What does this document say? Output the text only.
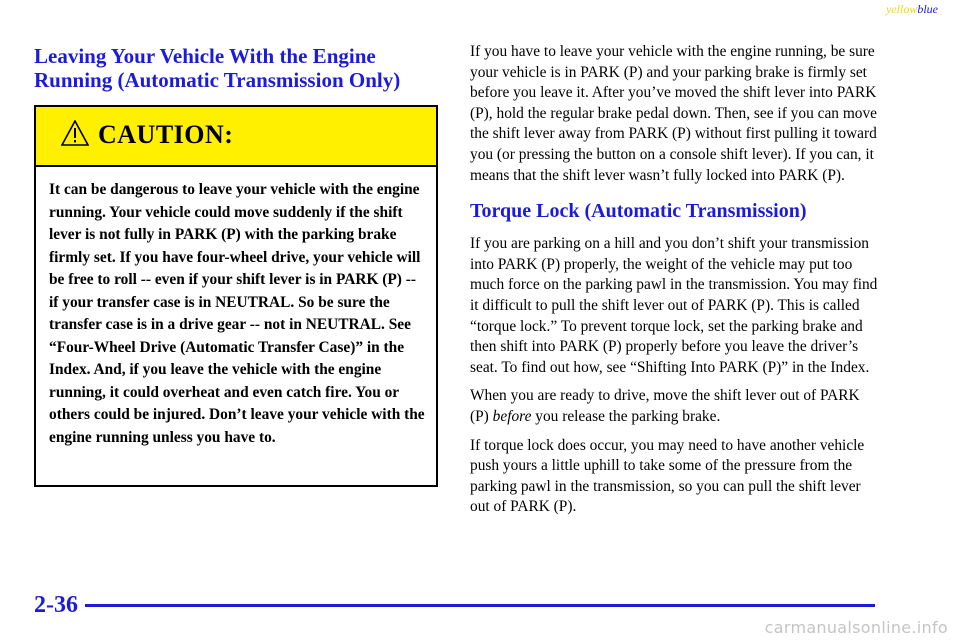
yellowblue
Leaving Your Vehicle With the Engine Running (Automatic Transmission Only)
CAUTION:
It can be dangerous to leave your vehicle with the engine running. Your vehicle could move suddenly if the shift lever is not fully in PARK (P) with the parking brake firmly set. If you have four-wheel drive, your vehicle will be free to roll -- even if your shift lever is in PARK (P) -- if your transfer case is in NEUTRAL. So be sure the transfer case is in a drive gear -- not in NEUTRAL. See “Four-Wheel Drive (Automatic Transfer Case)” in the Index. And, if you leave the vehicle with the engine running, it could overheat and even catch fire. You or others could be injured. Don’t leave your vehicle with the engine running unless you have to.

If you have to leave your vehicle with the engine running, be sure your vehicle is in PARK (P) and your parking brake is firmly set before you leave it. After you’ve moved the shift lever into PARK (P), hold the regular brake pedal down. Then, see if you can move the shift lever away from PARK (P) without first pulling it toward you (or pressing the button on a console shift lever). If you can, it means that the shift lever wasn’t fully locked into PARK (P).

Torque Lock (Automatic Transmission)

If you are parking on a hill and you don’t shift your transmission into PARK (P) properly, the weight of the vehicle may put too much force on the parking pawl in the transmission. You may find it difficult to pull the shift lever out of PARK (P). This is called “torque lock.” To prevent torque lock, set the parking brake and then shift into PARK (P) properly before you leave the driver’s seat. To find out how, see “Shifting Into PARK (P)” in the Index.

When you are ready to drive, move the shift lever out of PARK (P) before you release the parking brake.

If torque lock does occur, you may need to have another vehicle push yours a little uphill to take some of the pressure from the parking pawl in the transmission, so you can pull the shift lever out of PARK (P).

2-36
carmanualsonline.info
